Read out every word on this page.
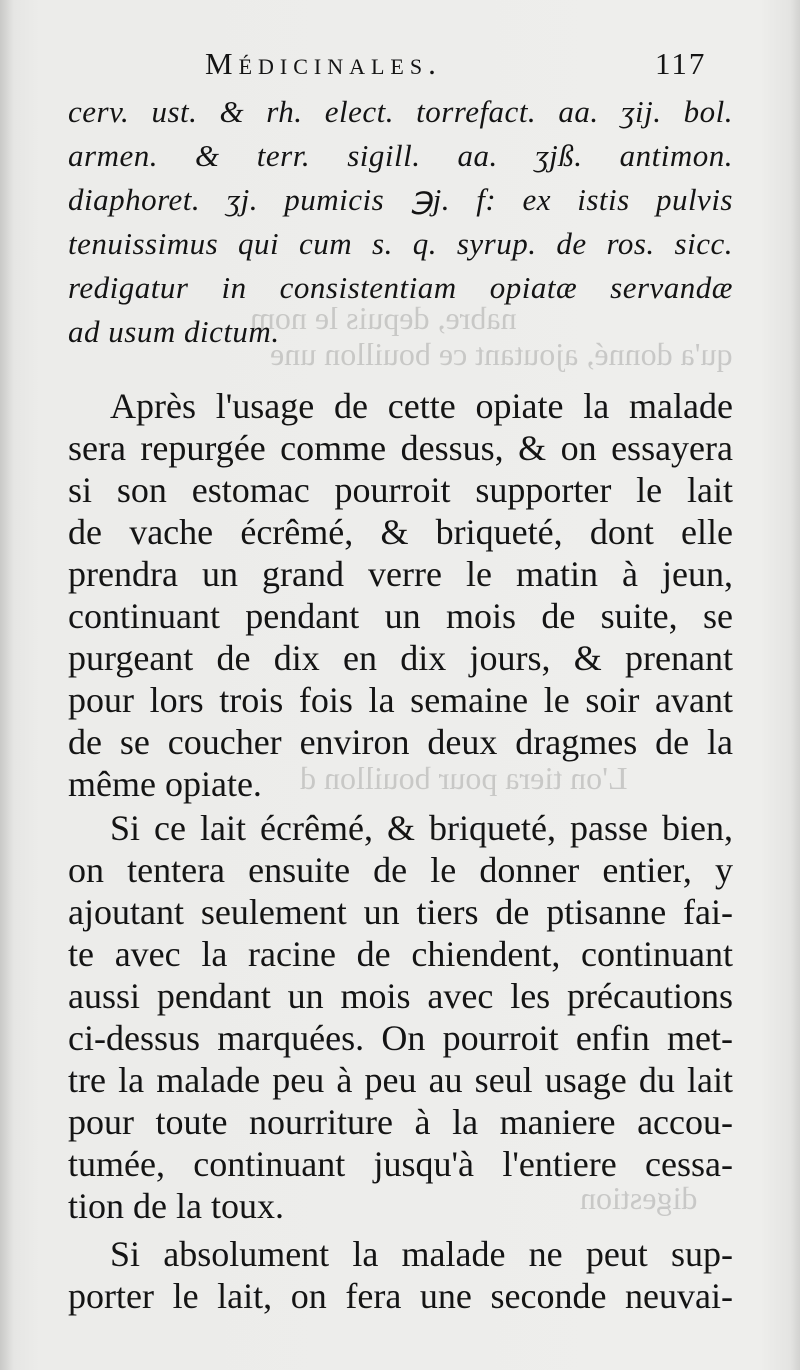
nabre, depuis le nom
qu'a donné, ajoutant ce bouillon une
L'on tiera pour bouillon d
digestion
Médicinales.	117
cerv. ust. & rh. elect. torrefact. aa. ʒij. bol.
armen. & terr. sigill. aa. ʒjß. antimon.
diaphoret. ʒj. pumicis ℈j. f: ex istis pulvis
tenuissimus qui cum s. q. syrup. de ros. sicc.
redigatur in consistentiam opiatæ servandæ
ad usum dictum.
Après l'usage de cette opiate la malade
sera repurgée comme dessus, & on essayera
si son estomac pourroit supporter le lait
de vache écrêmé, & briqueté, dont elle
prendra un grand verre le matin à jeun,
continuant pendant un mois de suite, se
purgeant de dix en dix jours, & prenant
pour lors trois fois la semaine le soir avant
de se coucher environ deux dragmes de la
même opiate.
Si ce lait écrêmé, & briqueté, passe bien,
on tentera ensuite de le donner entier, y
ajoutant seulement un tiers de ptisanne fai-
te avec la racine de chiendent, continuant
aussi pendant un mois avec les précautions
ci-dessus marquées. On pourroit enfin met-
tre la malade peu à peu au seul usage du lait
pour toute nourriture à la maniere accou-
tumée, continuant jusqu'à l'entiere cessa-
tion de la toux.
Si absolument la malade ne peut sup-
porter le lait, on fera une seconde neuvai-
